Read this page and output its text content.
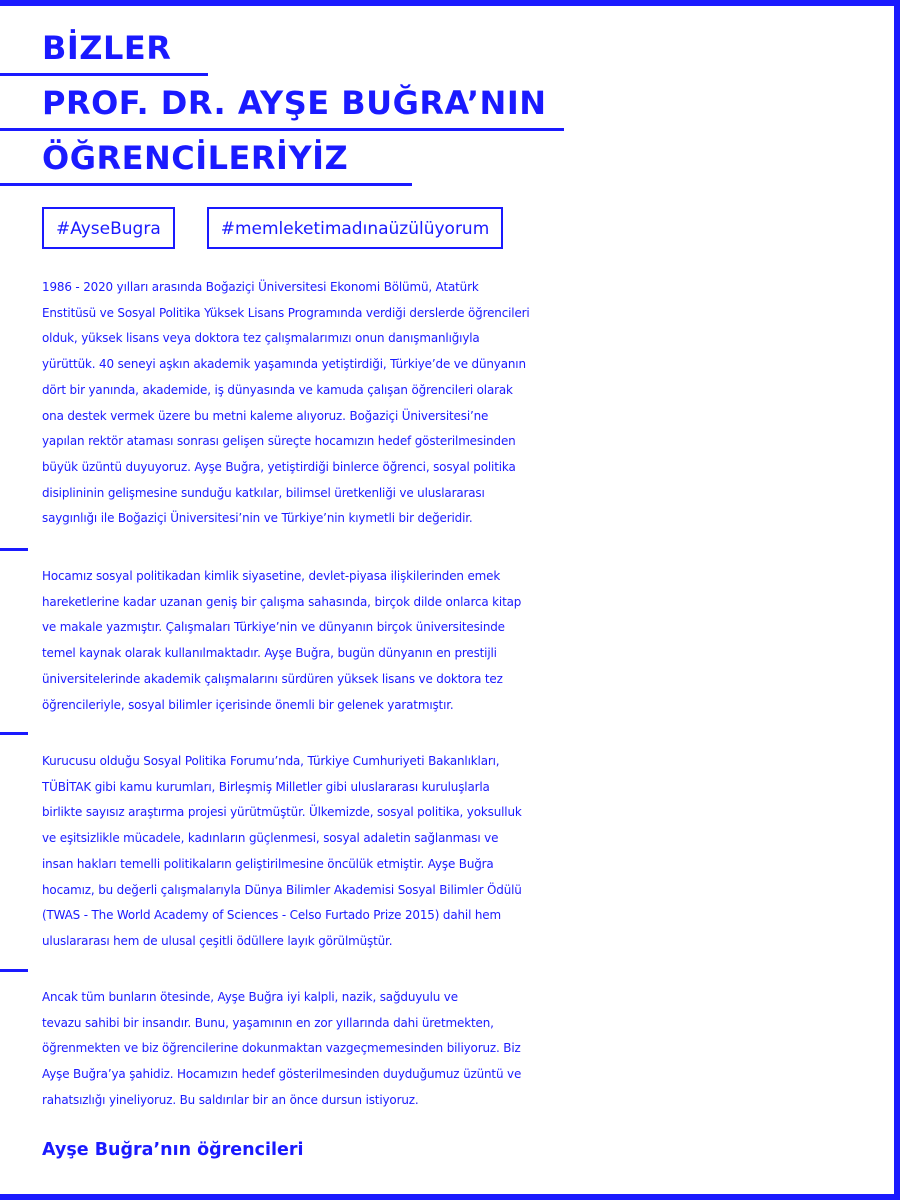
BİZLER
PROF. DR. AYŞE BUĞRA’NIN
ÖĞRENCİLERİYİZ
#AyseBugra	#memleketimadınaüzülüyorum

1986 - 2020 yılları arasında Boğaziçi Üniversitesi Ekonomi Bölümü, Atatürk
Enstitüsü ve Sosyal Politika Yüksek Lisans Programında verdiği derslerde öğrencileri
olduk, yüksek lisans veya doktora tez çalışmalarımızı onun danışmanlığıyla
yürüttük. 40 seneyi aşkın akademik yaşamında yetiştirdiği, Türkiye’de ve dünyanın
dört bir yanında, akademide, iş dünyasında ve kamuda çalışan öğrencileri olarak
ona destek vermek üzere bu metni kaleme alıyoruz. Boğaziçi Üniversitesi’ne
yapılan rektör ataması sonrası gelişen süreçte hocamızın hedef gösterilmesinden
büyük üzüntü duyuyoruz. Ayşe Buğra, yetiştirdiği binlerce öğrenci, sosyal politika
disiplininin gelişmesine sunduğu katkılar, bilimsel üretkenliği ve uluslararası
saygınlığı ile Boğaziçi Üniversitesi’nin ve Türkiye’nin kıymetli bir değeridir.

Hocamız sosyal politikadan kimlik siyasetine, devlet-piyasa ilişkilerinden emek
hareketlerine kadar uzanan geniş bir çalışma sahasında, birçok dilde onlarca kitap
ve makale yazmıştır. Çalışmaları Türkiye’nin ve dünyanın birçok üniversitesinde
temel kaynak olarak kullanılmaktadır. Ayşe Buğra, bugün dünyanın en prestijli
üniversitelerinde akademik çalışmalarını sürdüren yüksek lisans ve doktora tez
öğrencileriyle, sosyal bilimler içerisinde önemli bir gelenek yaratmıştır.

Kurucusu olduğu Sosyal Politika Forumu’nda, Türkiye Cumhuriyeti Bakanlıkları,
TÜBİTAK gibi kamu kurumları, Birleşmiş Milletler gibi uluslararası kuruluşlarla
birlikte sayısız araştırma projesi yürütmüştür. Ülkemizde, sosyal politika, yoksulluk
ve eşitsizlikle mücadele, kadınların güçlenmesi, sosyal adaletin sağlanması ve
insan hakları temelli politikaların geliştirilmesine öncülük etmiştir. Ayşe Buğra
hocamız, bu değerli çalışmalarıyla Dünya Bilimler Akademisi Sosyal Bilimler Ödülü
(TWAS - The World Academy of Sciences - Celso Furtado Prize 2015) dahil hem
uluslararası hem de ulusal çeşitli ödüllere layık görülmüştür.

Ancak tüm bunların ötesinde, Ayşe Buğra iyi kalpli, nazik, sağduyulu ve
tevazu sahibi bir insandır. Bunu, yaşamının en zor yıllarında dahi üretmekten,
öğrenmekten ve biz öğrencilerine dokunmaktan vazgeçmemesinden biliyoruz. Biz
Ayşe Buğra’ya şahidiz. Hocamızın hedef gösterilmesinden duyduğumuz üzüntü ve
rahatsızlığı yineliyoruz. Bu saldırılar bir an önce dursun istiyoruz.

Ayşe Buğra’nın öğrencileri
